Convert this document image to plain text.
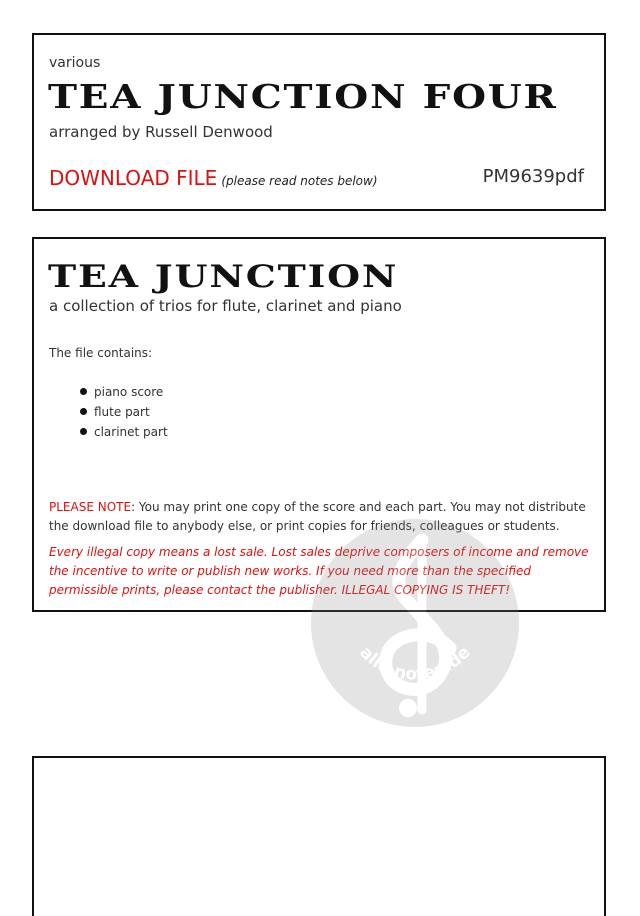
various
TEA JUNCTION FOUR
arranged by Russell Denwood
DOWNLOAD FILE (please read notes below)	PM9639pdf
TEA JUNCTION
a collection of trios for flute, clarinet and piano
The file contains:
piano score
flute part
clarinet part
PLEASE NOTE: You may print one copy of the score and each part. You may not distribute the download file to anybody else, or print copies for friends, colleagues or students.
Every illegal copy means a lost sale. Lost sales deprive composers of income and remove the incentive to write or publish new works. If you need more than the specified permissible prints, please contact the publisher. ILLEGAL COPYING IS THEFT!
alle-noten.de
